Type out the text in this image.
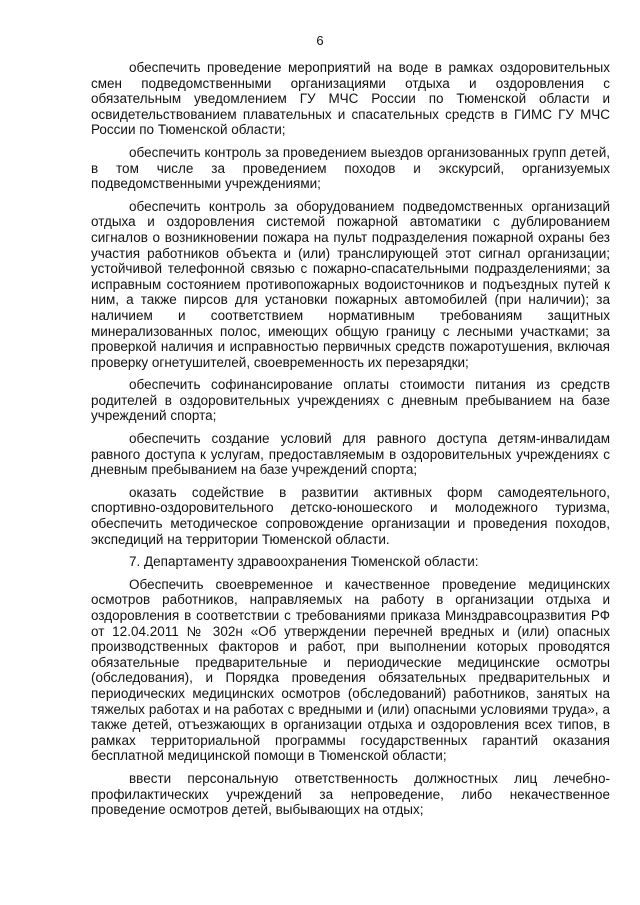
6

обеспечить проведение мероприятий на воде в рамках оздоровительных смен подведомственными организациями отдыха и оздоровления с обязательным уведомлением ГУ МЧС России по Тюменской области и освидетельствованием плавательных и спасательных средств в ГИМС ГУ МЧС России по Тюменской области;

обеспечить контроль за проведением выездов организованных групп детей, в том числе за проведением походов и экскурсий, организуемых подведомственными учреждениями;

обеспечить контроль за оборудованием подведомственных организаций отдыха и оздоровления системой пожарной автоматики с дублированием сигналов о возникновении пожара на пульт подразделения пожарной охраны без участия работников объекта и (или) транслирующей этот сигнал организации; устойчивой телефонной связью с пожарно-спасательными подразделениями; за исправным состоянием противопожарных водоисточников и подъездных путей к ним, а также пирсов для установки пожарных автомобилей (при наличии); за наличием и соответствием нормативным требованиям защитных минерализованных полос, имеющих общую границу с лесными участками; за проверкой наличия и исправностью первичных средств пожаротушения, включая проверку огнетушителей, своевременность их перезарядки;

обеспечить софинансирование оплаты стоимости питания из средств родителей в оздоровительных учреждениях с дневным пребыванием на базе учреждений спорта;

обеспечить создание условий для равного доступа детям-инвалидам равного доступа к услугам, предоставляемым в оздоровительных учреждениях с дневным пребыванием на базе учреждений спорта;

оказать содействие в развитии активных форм самодеятельного, спортивно-оздоровительного детско-юношеского и молодежного туризма, обеспечить методическое сопровождение организации и проведения походов, экспедиций на территории Тюменской области.

7. Департаменту здравоохранения Тюменской области:

Обеспечить своевременное и качественное проведение медицинских осмотров работников, направляемых на работу в организации отдыха и оздоровления в соответствии с требованиями приказа Минздравсоцразвития РФ от 12.04.2011 № 302н «Об утверждении перечней вредных и (или) опасных производственных факторов и работ, при выполнении которых проводятся обязательные предварительные и периодические медицинские осмотры (обследования), и Порядка проведения обязательных предварительных и периодических медицинских осмотров (обследований) работников, занятых на тяжелых работах и на работах с вредными и (или) опасными условиями труда», а также детей, отъезжающих в организации отдыха и оздоровления всех типов, в рамках территориальной программы государственных гарантий оказания бесплатной медицинской помощи в Тюменской области;

ввести персональную ответственность должностных лиц лечебно-профилактических учреждений за непроведение, либо некачественное проведение осмотров детей, выбывающих на отдых;
